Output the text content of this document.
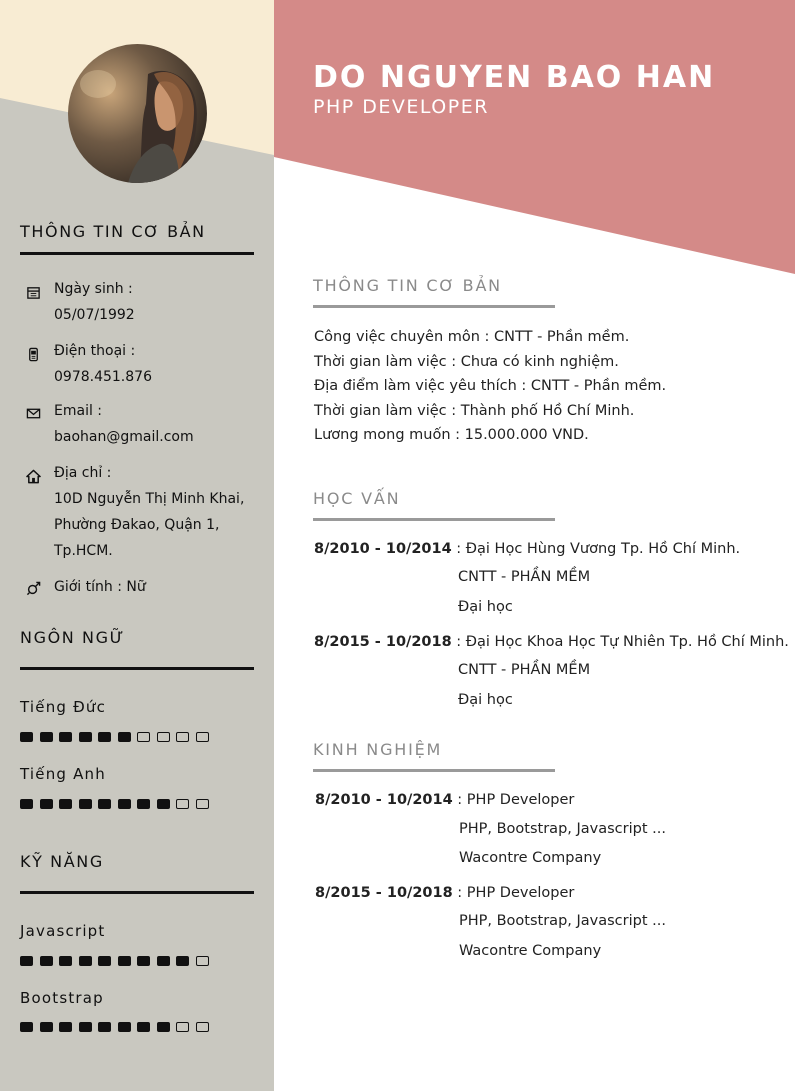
DO NGUYEN BAO HAN
PHP DEVELOPER
THÔNG TIN CƠ BẢN
Ngày sinh :
05/07/1992
Điện thoại :
0978.451.876
Email :
baohan@gmail.com
Địa chỉ :
10D Nguyễn Thị Minh Khai,
Phường Đakao, Quận 1,
Tp.HCM.
Giới tính : Nữ
NGÔN NGỮ
Tiếng Đức
Tiếng Anh
KỸ NĂNG
Javascript
Bootstrap
THÔNG TIN CƠ BẢN
Công việc chuyên môn : CNTT - Phần mềm.
Thời gian làm việc : Chưa có kinh nghiệm.
Địa điểm làm việc yêu thích : CNTT - Phần mềm.
Thời gian làm việc : Thành phố Hồ Chí Minh.
Lương mong muốn : 15.000.000 VND.
HỌC VẤN
8/2010 - 10/2014 : Đại Học Hùng Vương Tp. Hồ Chí Minh.
CNTT - PHẦN MỀM
Đại học
8/2015 - 10/2018 : Đại Học Khoa Học Tự Nhiên Tp. Hồ Chí Minh.
CNTT - PHẦN MỀM
Đại học
KINH NGHIỆM
8/2010 - 10/2014 : PHP Developer
PHP, Bootstrap, Javascript ...
Wacontre Company
8/2015 - 10/2018 : PHP Developer
PHP, Bootstrap, Javascript ...
Wacontre Company
